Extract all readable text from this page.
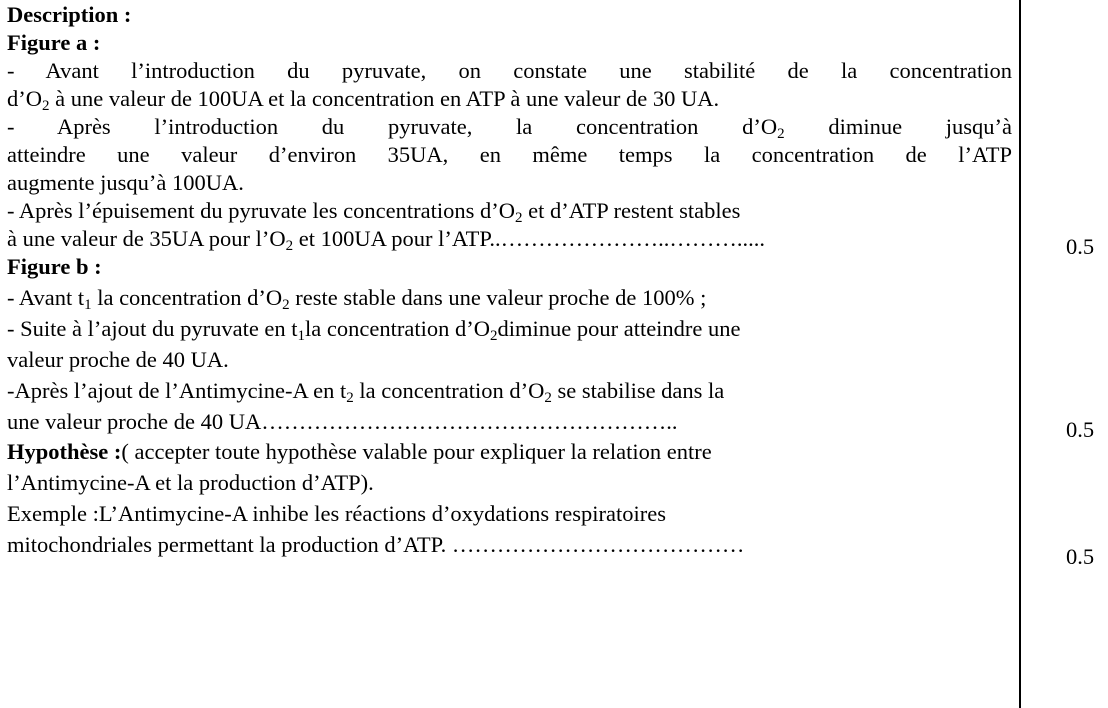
Description :
Figure a :
- Avant l’introduction du pyruvate, on constate une stabilité de la concentration
$d’O_2$ à une valeur de 100UA et la concentration en ATP à une valeur de 30 UA.
- Après l’introduction du pyruvate, la concentration $d’O_2$ diminue jusqu’à
atteindre une valeur d’environ 35UA, en même temps la concentration de l’ATP
augmente jusqu’à 100UA.
- Après l’épuisement du pyruvate les concentrations $d’O_2$ et d’ATP restent stables
à une valeur de 35UA pour $l’O_2$ et 100UA pour l’ATP..…………………..……….....
Figure b :
- Avant $t_1$ la concentration $d’O_2$ reste stable dans une valeur proche de 100% ;
- Suite à l’ajout du pyruvate en $t_1la$ concentration $d’O_2diminue$ pour atteindre une
valeur proche de 40 UA.
-Après l’ajout de l’Antimycine-A en $t_2$ la concentration $d’O_2$ se stabilise dans la
une valeur proche de 40 UA………………………………………………..
Hypothèse :( accepter toute hypothèse valable pour expliquer la relation entre
l’Antimycine-A et la production d’ATP).
Exemple :L’Antimycine-A inhibe les réactions d’oxydations respiratoires
mitochondriales permettant la production d’ATP. …………………………………
0.5
0.5
0.5
